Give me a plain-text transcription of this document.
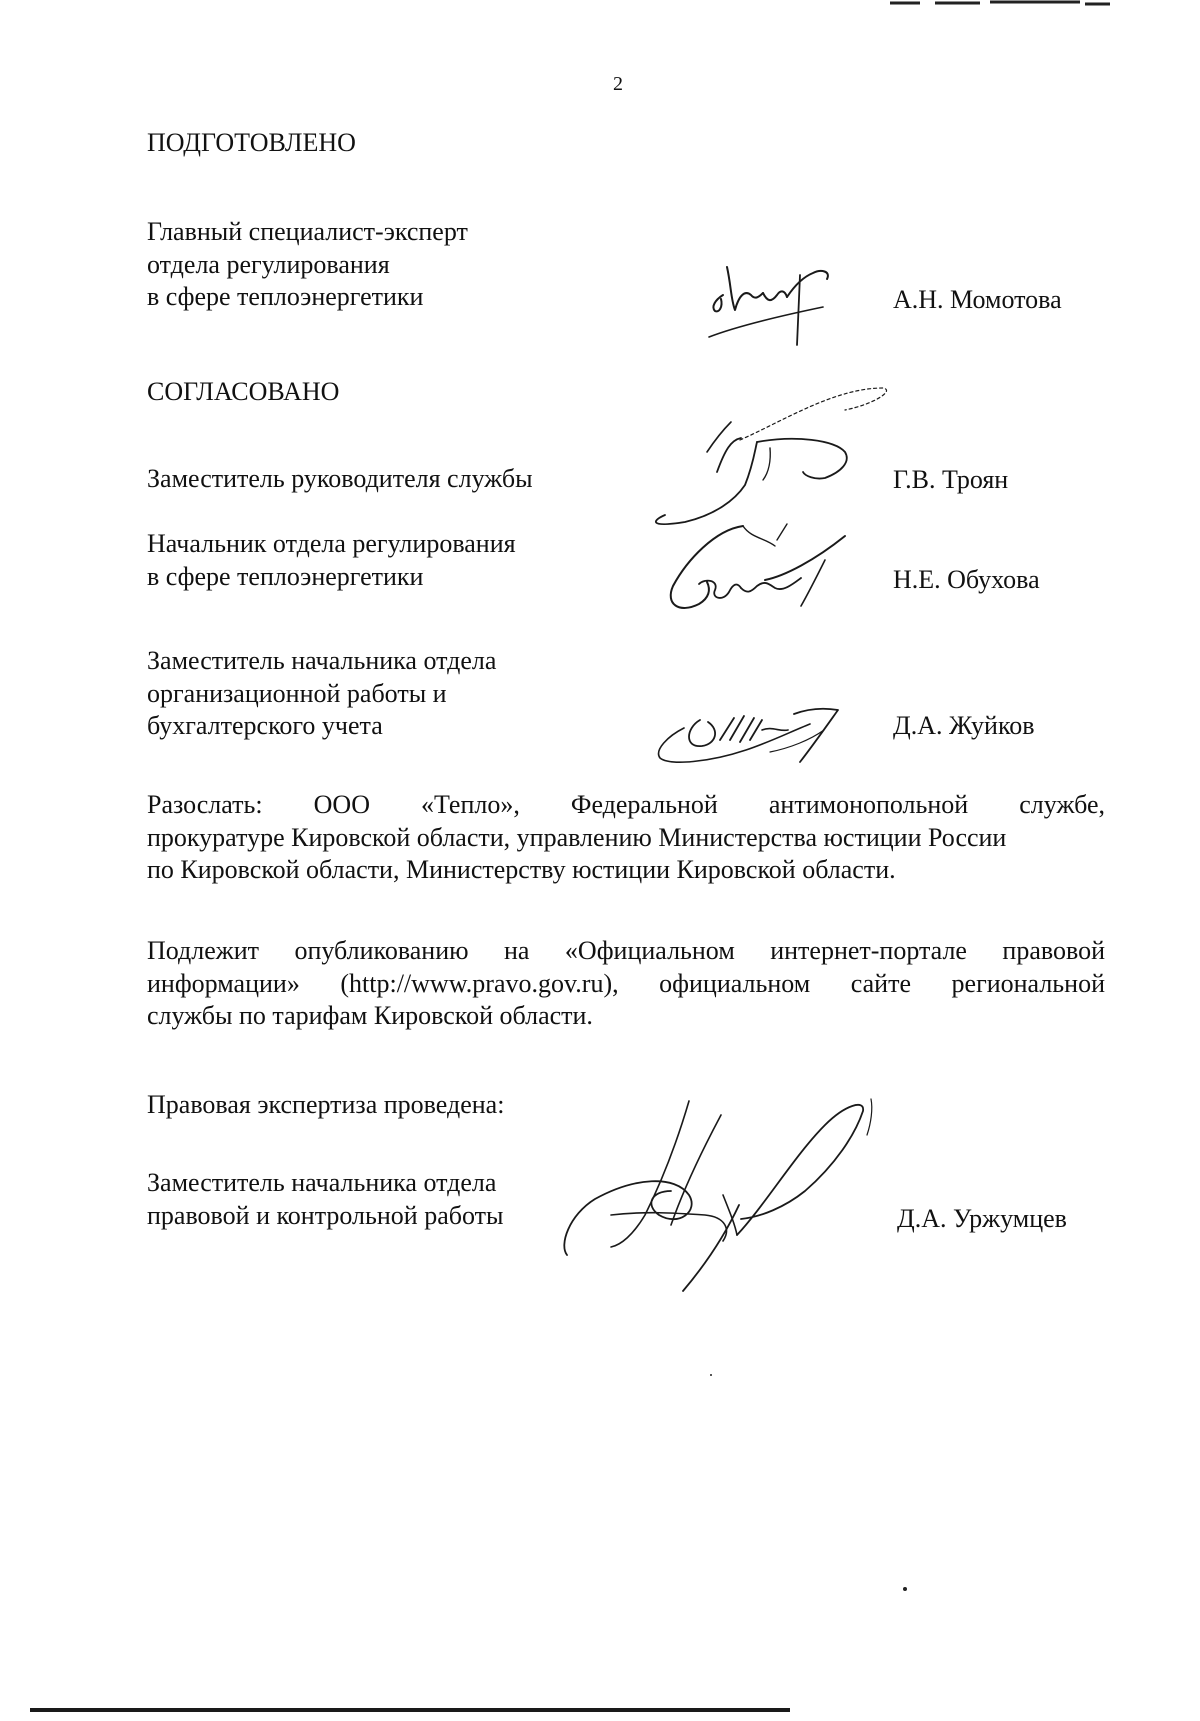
2
ПОДГОТОВЛЕНО
Главный специалист-эксперт
отдела регулирования
в сфере теплоэнергетики	А.Н. Момотова
СОГЛАСОВАНО
Заместитель руководителя службы	Г.В. Троян
Начальник отдела регулирования
в сфере теплоэнергетики	Н.Е. Обухова
Заместитель начальника отдела
организационной работы и
бухгалтерского учета	Д.А. Жуйков
Разослать: ООО «Тепло», Федеральной антимонопольной службе,
прокуратуре Кировской области, управлению Министерства юстиции России
по Кировской области, Министерству юстиции Кировской области.
Подлежит опубликованию на «Официальном интернет-портале правовой
информации» (http://www.pravo.gov.ru), официальном сайте региональной
службы по тарифам Кировской области.
Правовая экспертиза проведена:
Заместитель начальника отдела
правовой и контрольной работы	Д.А. Уржумцев
